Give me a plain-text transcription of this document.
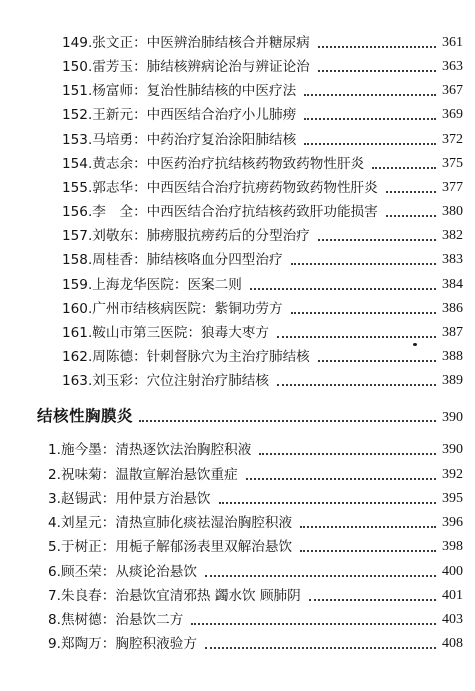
149. 张文正 ： 中医辨治肺结核合并糖尿病	361
150. 雷芳玉 ： 肺结核辨病论治与辨证论治	363
151. 杨富师 ： 复治性肺结核的中医疗法	367
152. 王新元 ： 中西医结合治疗小儿肺痨	369
153. 马培勇 ： 中药治疗复治涂阳肺结核	372
154. 黄志余 ： 中医药治疗抗结核药物致药物性肝炎	375
155. 郭志华 ： 中西医结合治疗抗痨药物致药物性肝炎	377
156. 李　全 ： 中西医结合治疗抗结核药致肝功能损害	380
157. 刘敬东 ： 肺痨服抗痨药后的分型治疗	382
158. 周桂香 ： 肺结核咯血分四型治疗	383
159. 上海龙华医院 ： 医案二则	384
160. 广州市结核病医院 ： 紫铜功劳方	386
161. 鞍山市第三医院 ： 狼毒大枣方	387
162. 周陈德 ： 针刺督脉穴为主治疗肺结核	388
163. 刘玉彩 ： 穴位注射治疗肺结核	389
结核性胸膜炎	390
1. 施今墨 ： 清热逐饮法治胸腔积液	390
2. 祝味菊 ： 温散宣解治悬饮重症	392
3. 赵锡武 ： 用仲景方治悬饮	395
4. 刘星元 ： 清热宣肺化痰祛湿治胸腔积液	396
5. 于树正 ： 用栀子解郁汤表里双解治悬饮	398
6. 顾丕荣 ： 从痰论治悬饮	400
7. 朱良春 ： 治悬饮宜清邪热 蠲水饮 顾肺阴	401
8. 焦树德 ： 治悬饮二方	403
9. 郑陶万 ： 胸腔积液验方	408
